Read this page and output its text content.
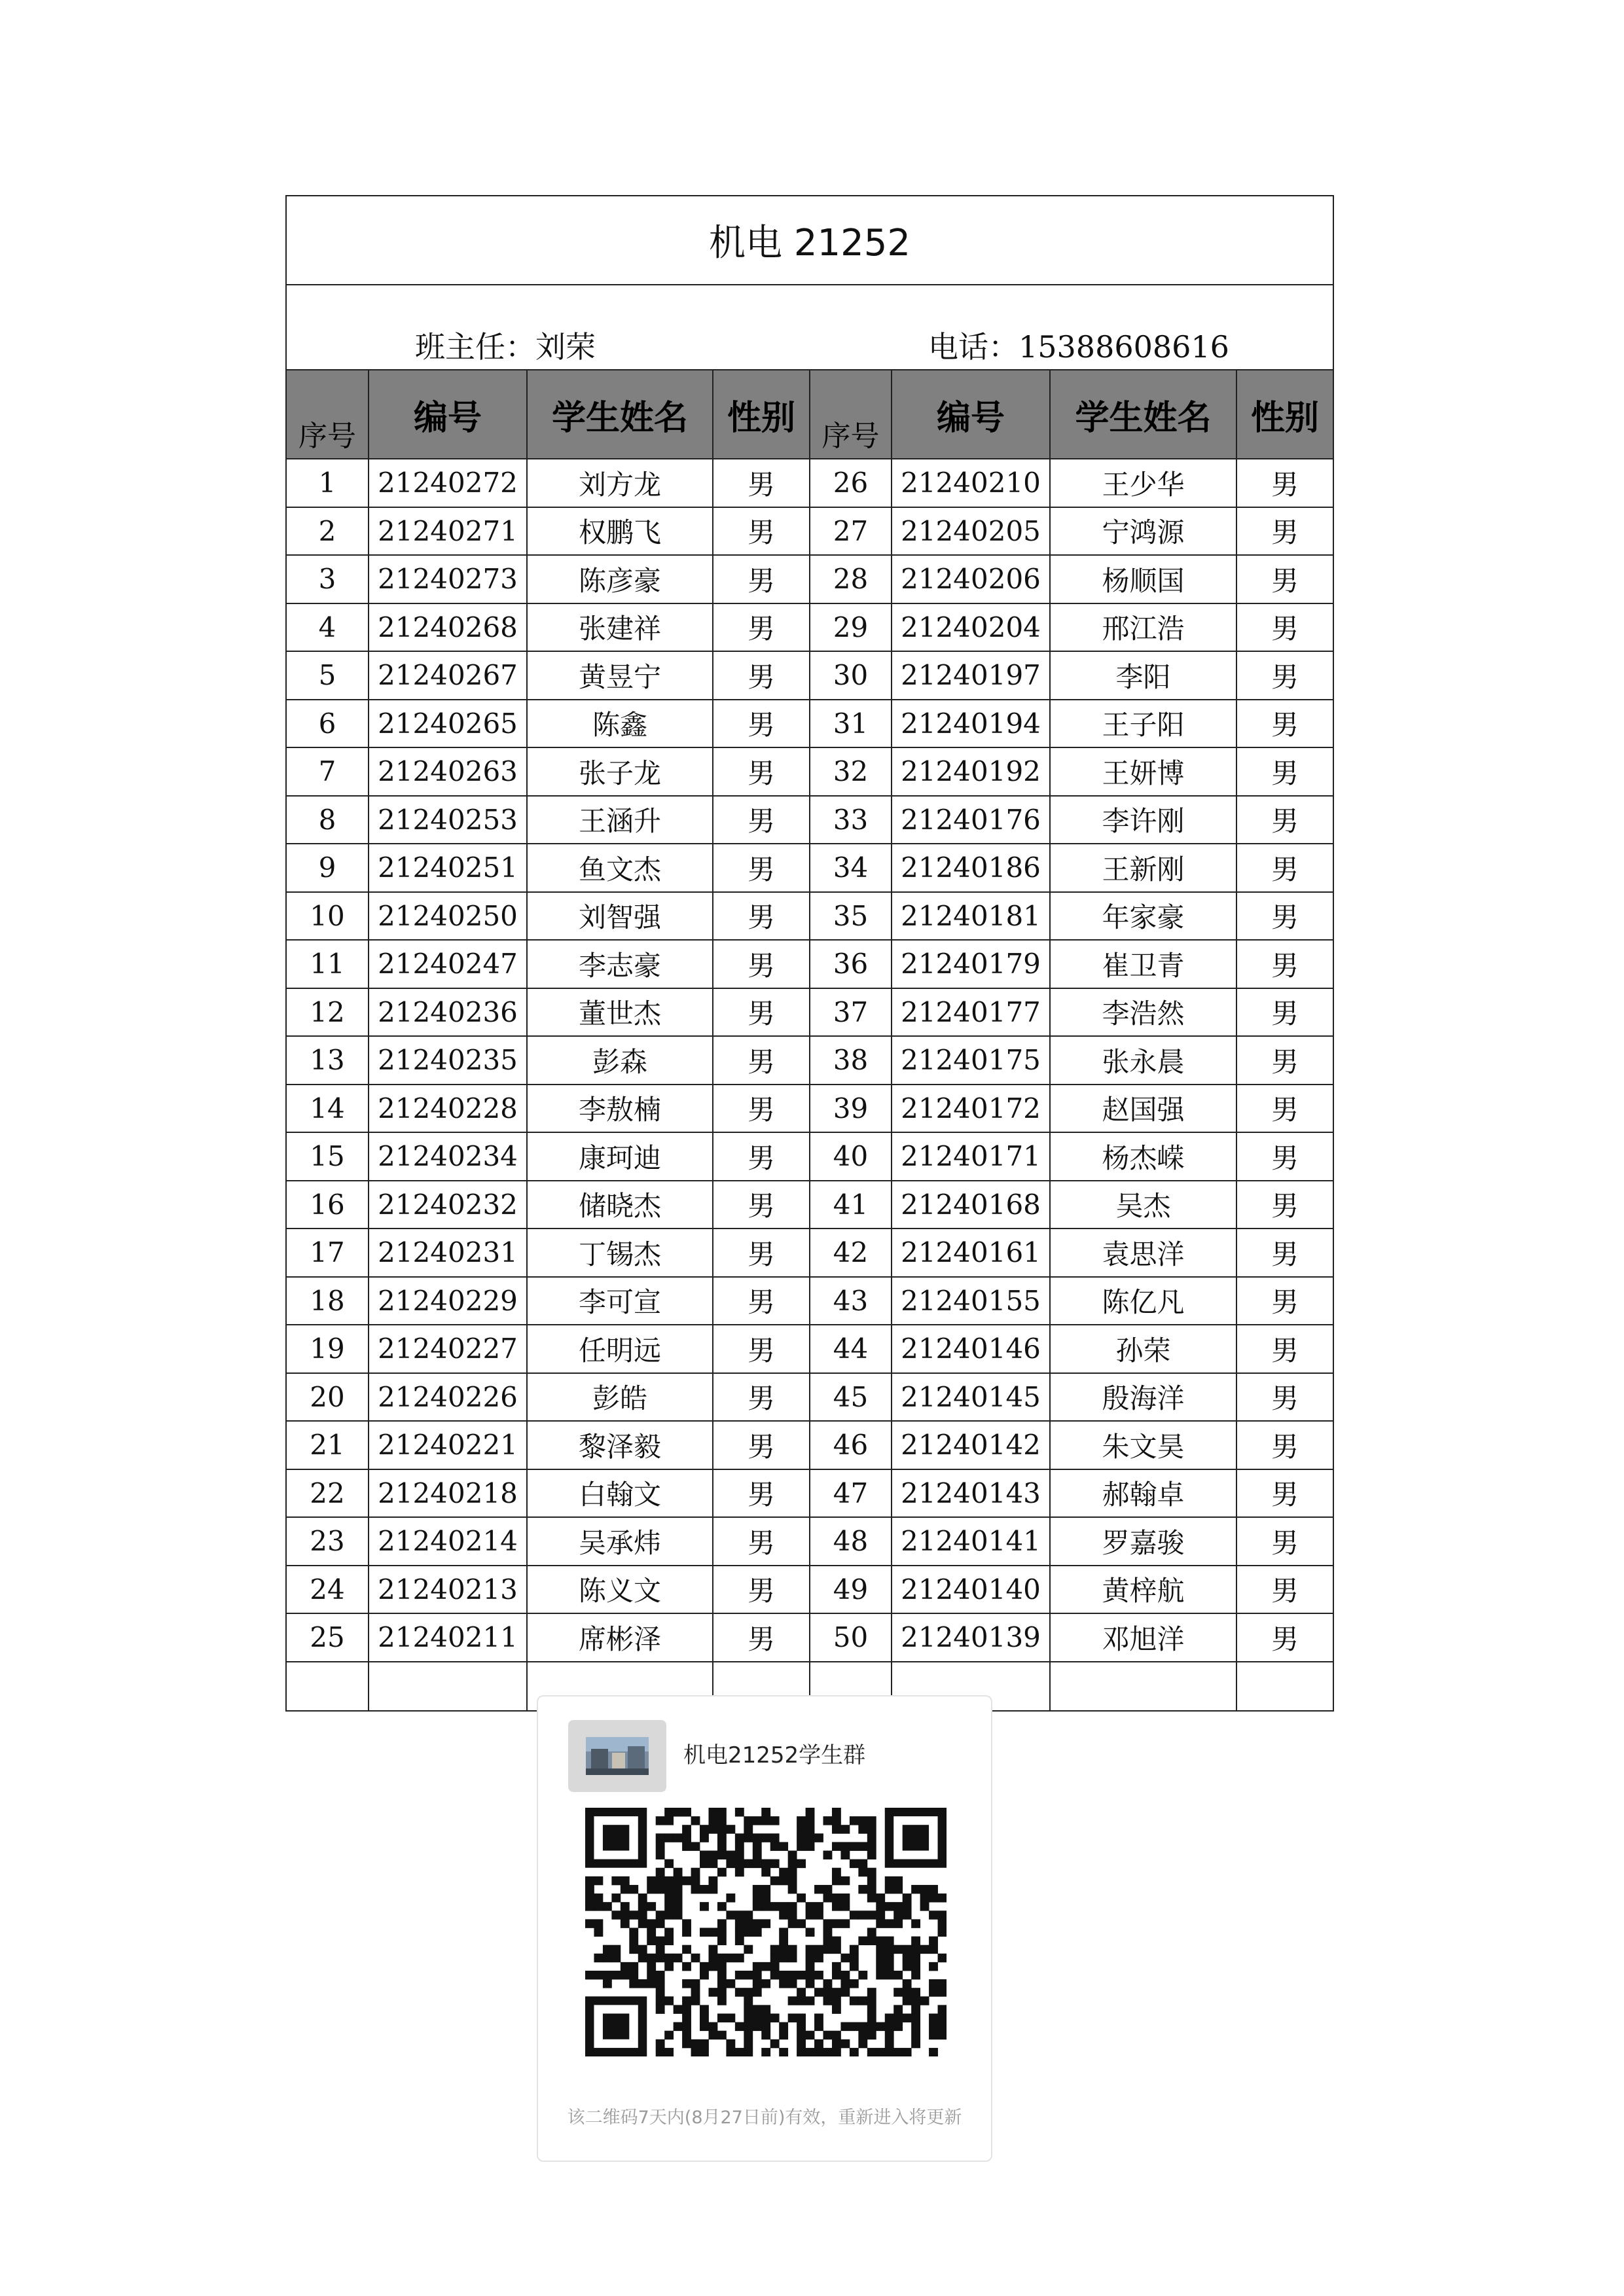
机电 21252
班主任：刘荣	电话：15388608616
序号	编号	学生姓名	性别	序号	编号	学生姓名	性别
1	21240272	刘方龙	男	26	21240210	王少华	男
2	21240271	权鹏飞	男	27	21240205	宁鸿源	男
3	21240273	陈彦豪	男	28	21240206	杨顺国	男
4	21240268	张建祥	男	29	21240204	邢江浩	男
5	21240267	黄昱宁	男	30	21240197	李阳	男
6	21240265	陈鑫	男	31	21240194	王子阳	男
7	21240263	张子龙	男	32	21240192	王妍博	男
8	21240253	王涵升	男	33	21240176	李许刚	男
9	21240251	鱼文杰	男	34	21240186	王新刚	男
10	21240250	刘智强	男	35	21240181	年家豪	男
11	21240247	李志豪	男	36	21240179	崔卫青	男
12	21240236	董世杰	男	37	21240177	李浩然	男
13	21240235	彭森	男	38	21240175	张永晨	男
14	21240228	李敖楠	男	39	21240172	赵国强	男
15	21240234	康珂迪	男	40	21240171	杨杰嵘	男
16	21240232	储晓杰	男	41	21240168	吴杰	男
17	21240231	丁锡杰	男	42	21240161	袁思洋	男
18	21240229	李可宣	男	43	21240155	陈亿凡	男
19	21240227	任明远	男	44	21240146	孙荣	男
20	21240226	彭皓	男	45	21240145	殷海洋	男
21	21240221	黎泽毅	男	46	21240142	朱文昊	男
22	21240218	白翰文	男	47	21240143	郝翰卓	男
23	21240214	吴承炜	男	48	21240141	罗嘉骏	男
24	21240213	陈义文	男	49	21240140	黄梓航	男
25	21240211	席彬泽	男	50	21240139	邓旭洋	男

机电21252学生群
该二维码7天内(8月27日前)有效，重新进入将更新
